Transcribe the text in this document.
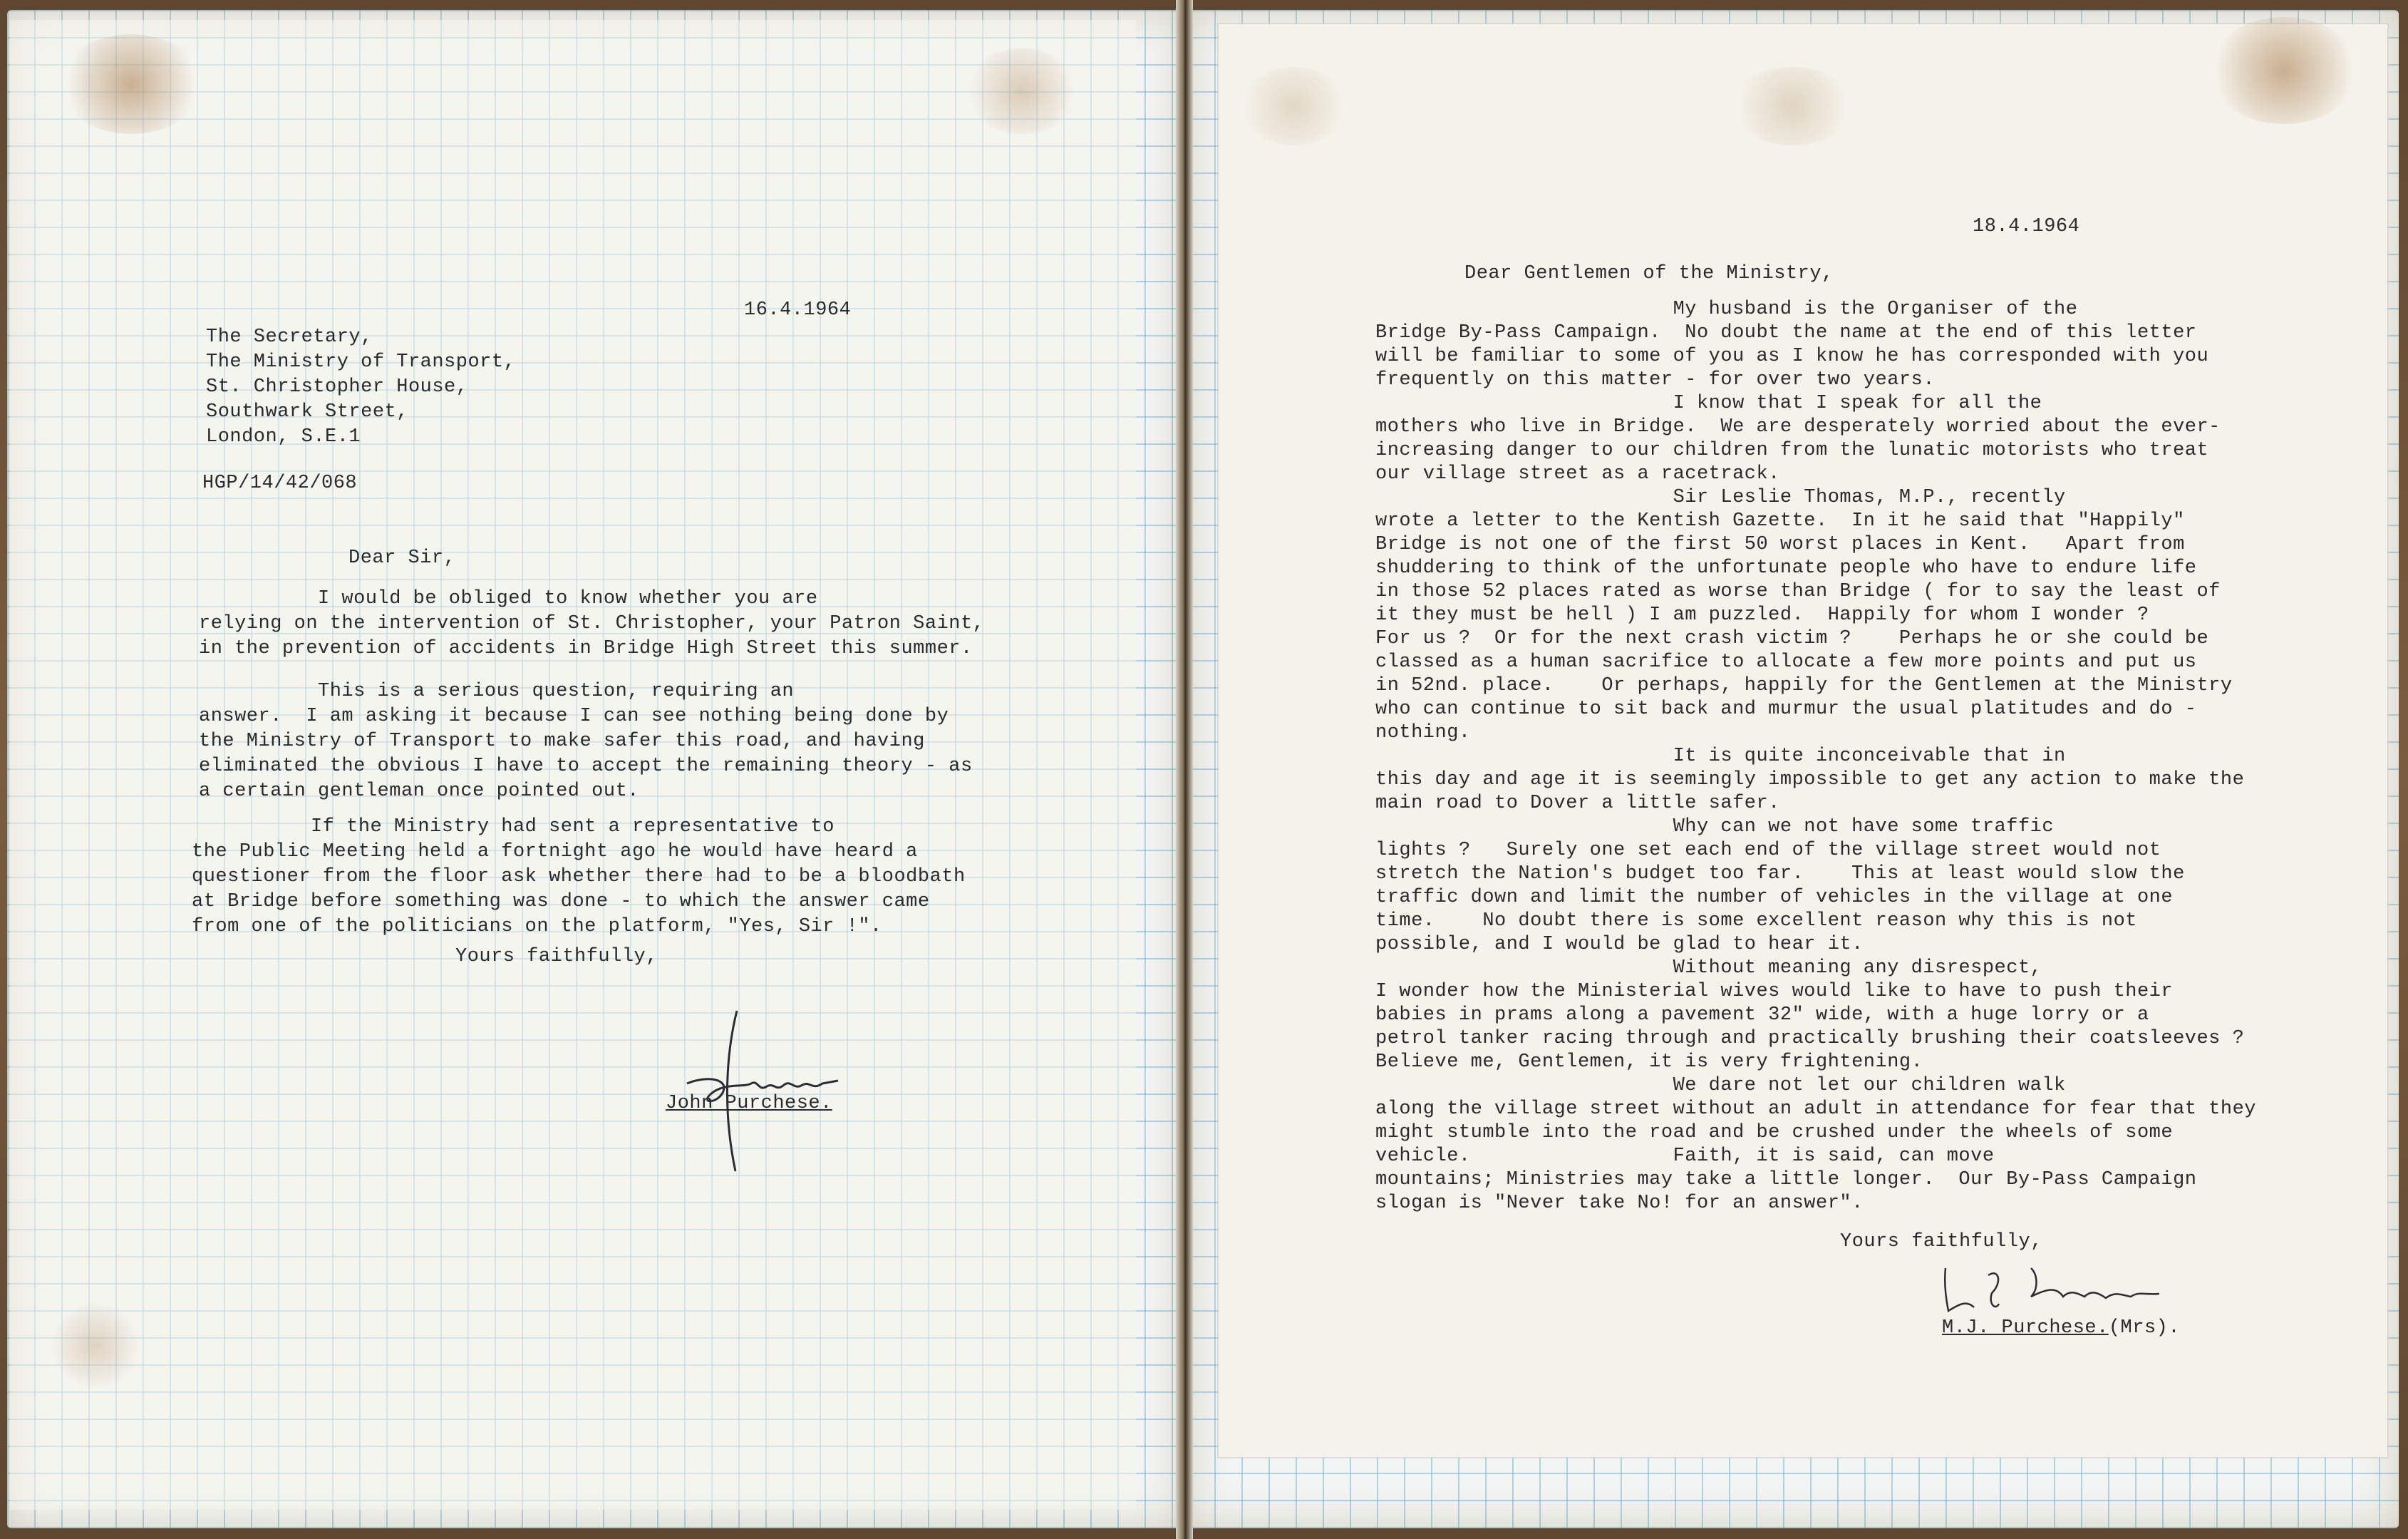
16.4.1964

The Secretary,

The Ministry of Transport,

St. Christopher House,

Southwark Street,

London, S.E.1

HGP/14/42/068

Dear Sir,

I would be obliged to know whether you are
relying on the intervention of St. Christopher, your Patron Saint,
in the prevention of accidents in Bridge High Street this summer.

This is a serious question, requiring an
answer.  I am asking it because I can see nothing being done by
the Ministry of Transport to make safer this road, and having
eliminated the obvious I have to accept the remaining theory - as
a certain gentleman once pointed out.

If the Ministry had sent a representative to
the Public Meeting held a fortnight ago he would have heard a
questioner from the floor ask whether there had to be a bloodbath
at Bridge before something was done - to which the answer came
from one of the politicians on the platform, "Yes, Sir !".

Yours faithfully,

John Purchese.

18.4.1964

Dear Gentlemen of the Ministry,

My husband is the Organiser of the
Bridge By-Pass Campaign.  No doubt the name at the end of this letter
will be familiar to some of you as I know he has corresponded with you
frequently on this matter - for over two years.
I know that I speak for all the
mothers who live in Bridge.  We are desperately worried about the ever-
increasing danger to our children from the lunatic motorists who treat
our village street as a racetrack.
Sir Leslie Thomas, M.P., recently
wrote a letter to the Kentish Gazette.  In it he said that "Happily"
Bridge is not one of the first 50 worst places in Kent.   Apart from
shuddering to think of the unfortunate people who have to endure life
in those 52 places rated as worse than Bridge ( for to say the least of
it they must be hell ) I am puzzled.  Happily for whom I wonder ?
For us ?  Or for the next crash victim ?    Perhaps he or she could be
classed as a human sacrifice to allocate a few more points and put us
in 52nd. place.    Or perhaps, happily for the Gentlemen at the Ministry
who can continue to sit back and murmur the usual platitudes and do -
nothing.
It is quite inconceivable that in
this day and age it is seemingly impossible to get any action to make the
main road to Dover a little safer.
Why can we not have some traffic
lights ?   Surely one set each end of the village street would not
stretch the Nation's budget too far.    This at least would slow the
traffic down and limit the number of vehicles in the village at one
time.    No doubt there is some excellent reason why this is not
possible, and I would be glad to hear it.
Without meaning any disrespect,
I wonder how the Ministerial wives would like to have to push their
babies in prams along a pavement 32" wide, with a huge lorry or a
petrol tanker racing through and practically brushing their coatsleeves ?
Believe me, Gentlemen, it is very frightening.
We dare not let our children walk
along the village street without an adult in attendance for fear that they
might stumble into the road and be crushed under the wheels of some
vehicle.                 Faith, it is said, can move
mountains; Ministries may take a little longer.  Our By-Pass Campaign
slogan is "Never take No! for an answer".

Yours faithfully,

M.J. Purchese.(Mrs).
